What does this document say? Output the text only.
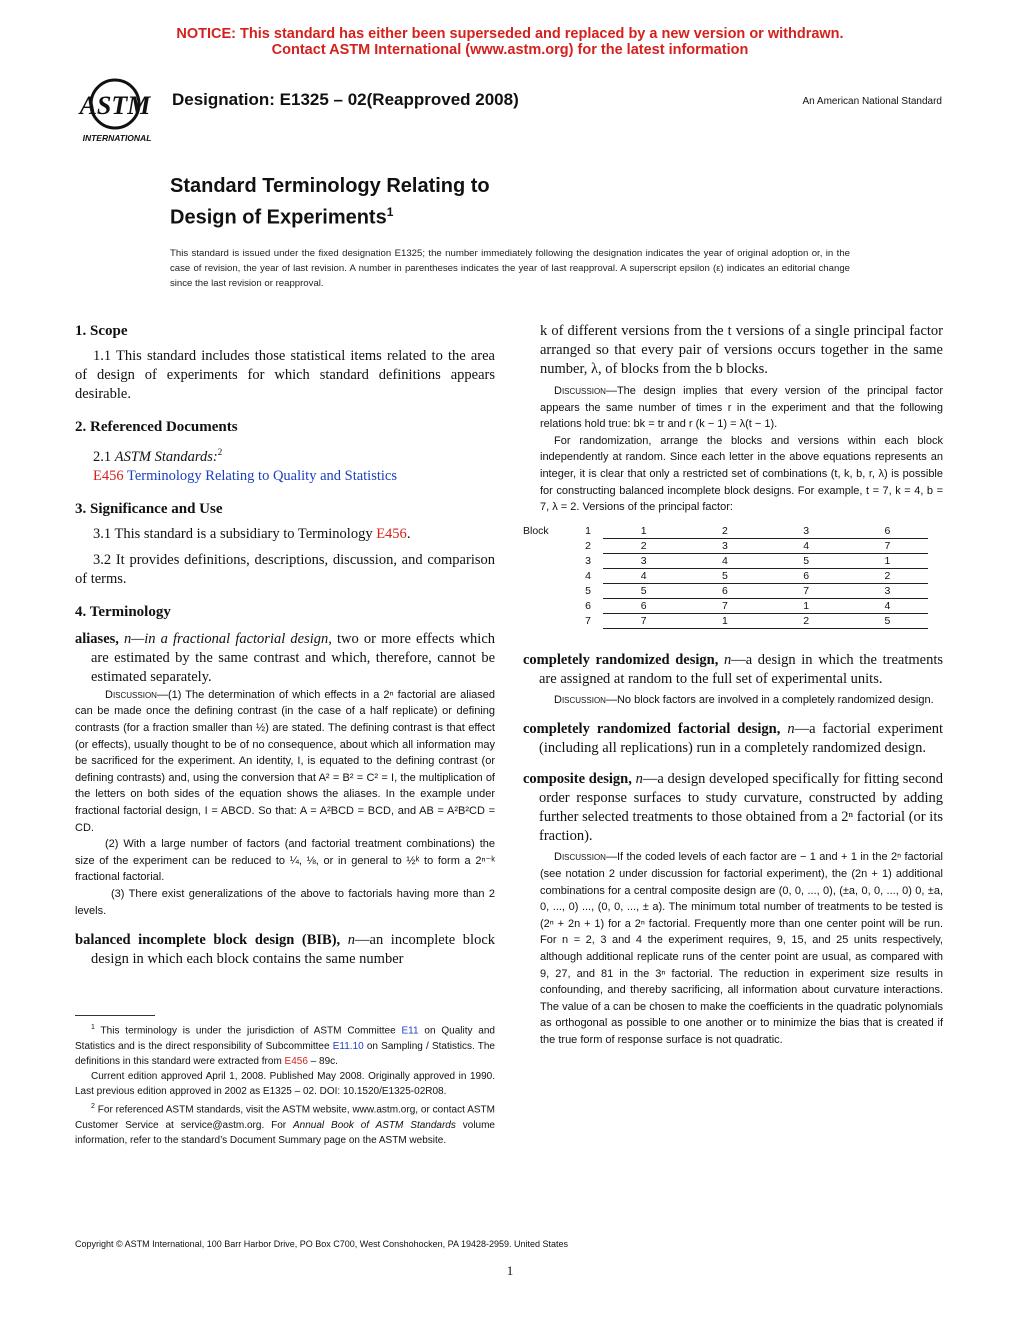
NOTICE: This standard has either been superseded and replaced by a new version or withdrawn.
Contact ASTM International (www.astm.org) for the latest information
ASTM
INTERNATIONAL
Designation: E1325 – 02(Reapproved 2008)	An American National Standard
Standard Terminology Relating to
Design of Experiments$^1$
This standard is issued under the fixed designation E1325; the number immediately following the designation indicates the year of original adoption or, in the case of revision, the year of last revision. A number in parentheses indicates the year of last reapproval. A superscript epsilon (ε) indicates an editorial change since the last revision or reapproval.

1. Scope

1.1 This standard includes those statistical items related to the area of design of experiments for which standard definitions appears desirable.

2. Referenced Documents

2.1 ASTM Standards:$^2$

E456 Terminology Relating to Quality and Statistics

3. Significance and Use

3.1 This standard is a subsidiary to Terminology E456.

3.2 It provides definitions, descriptions, discussion, and comparison of terms.

4. Terminology

aliases, n—in a fractional factorial design, two or more effects which are estimated by the same contrast and which, therefore, cannot be estimated separately.

Discussion—(1) The determination of which effects in a 2ⁿ factorial are aliased can be made once the defining contrast (in the case of a half replicate) or defining contrasts (for a fraction smaller than ½) are stated. The defining contrast is that effect (or effects), usually thought to be of no consequence, about which all information may be sacrificed for the experiment. An identity, I, is equated to the defining contrast (or defining contrasts) and, using the conversion that A² = B² = C² = I, the multiplication of the letters on both sides of the equation shows the aliases. In the example under fractional factorial design, I = ABCD. So that: A = A²BCD = BCD, and AB = A²B²CD = CD.

(2) With a large number of factors (and factorial treatment combinations) the size of the experiment can be reduced to ¼, ⅛, or in general to ½ᵏ to form a 2ⁿ⁻ᵏ fractional factorial.

(3) There exist generalizations of the above to factorials having more than 2 levels.

balanced incomplete block design (BIB), n—an incomplete block design in which each block contains the same number

k of different versions from the t versions of a single principal factor arranged so that every pair of versions occurs together in the same number, λ, of blocks from the b blocks.

Discussion—The design implies that every version of the principal factor appears the same number of times r in the experiment and that the following relations hold true: bk = tr and r (k − 1) = λ(t − 1).

For randomization, arrange the blocks and versions within each block independently at random. Since each letter in the above equations represents an integer, it is clear that only a restricted set of combinations (t, k, b, r, λ) is possible for constructing balanced incomplete block designs. For example, t = 7, k = 4, b = 7, λ = 2. Versions of the principal factor:

Block	1	1	2	3	6
	2	2	3	4	7
	3	3	4	5	1
	4	4	5	6	2
	5	5	6	7	3
	6	6	7	1	4
	7	7	1	2	5

completely randomized design, n—a design in which the treatments are assigned at random to the full set of experimental units.

Discussion—No block factors are involved in a completely randomized design.

completely randomized factorial design, n—a factorial experiment (including all replications) run in a completely randomized design.

composite design, n—a design developed specifically for fitting second order response surfaces to study curvature, constructed by adding further selected treatments to those obtained from a 2ⁿ factorial (or its fraction).

Discussion—If the coded levels of each factor are − 1 and + 1 in the 2ⁿ factorial (see notation 2 under discussion for factorial experiment), the (2n + 1) additional combinations for a central composite design are (0, 0, ..., 0), (±a, 0, 0, ..., 0) 0, ±a, 0, ..., 0) ..., (0, 0, ..., ± a). The minimum total number of treatments to be tested is (2ⁿ + 2n + 1) for a 2ⁿ factorial. Frequently more than one center point will be run. For n = 2, 3 and 4 the experiment requires, 9, 15, and 25 units respectively, although additional replicate runs of the center point are usual, as compared with 9, 27, and 81 in the 3ⁿ factorial. The reduction in experiment size results in confounding, and thereby sacrificing, all information about curvature interactions. The value of a can be chosen to make the coefficients in the quadratic polynomials as orthogonal as possible to one another or to minimize the bias that is created if the true form of response surface is not quadratic.

$^1$ This terminology is under the jurisdiction of ASTM Committee E11 on Quality and Statistics and is the direct responsibility of Subcommittee E11.10 on Sampling / Statistics. The definitions in this standard were extracted from E456 – 89c.

Current edition approved April 1, 2008. Published May 2008. Originally approved in 1990. Last previous edition approved in 2002 as E1325 – 02. DOI: 10.1520/E1325-02R08.

$^2$ For referenced ASTM standards, visit the ASTM website, www.astm.org, or contact ASTM Customer Service at service@astm.org. For Annual Book of ASTM Standards volume information, refer to the standard’s Document Summary page on the ASTM website.

Copyright © ASTM International, 100 Barr Harbor Drive, PO Box C700, West Conshohocken, PA 19428-2959. United States
1
